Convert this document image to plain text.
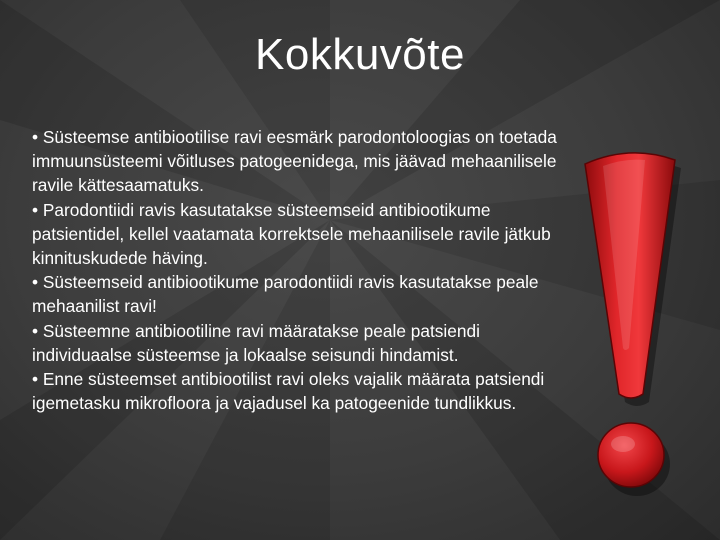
Kokkuvõte

• Süsteemse antibiootilise ravi eesmärk parodontoloogias on toetada immuunsüsteemi võitluses patogeenidega, mis jäävad mehaanilisele ravile kättesaamatuks.

• Parodontiidi ravis kasutatakse süsteemseid antibiootikume patsientidel, kellel vaatamata korrektsele mehaanilisele ravile jätkub kinnituskudede häving.

• Süsteemseid antibiootikume parodontiidi ravis kasutatakse peale mehaanilist ravi!

• Süsteemne antibiootiline ravi määratakse peale patsiendi individuaalse süsteemse ja lokaalse seisundi hindamist.

• Enne süsteemset antibiootilist ravi oleks vajalik määrata patsiendi igemetasku mikrofloora ja vajadusel ka patogeenide tundlikkus.
